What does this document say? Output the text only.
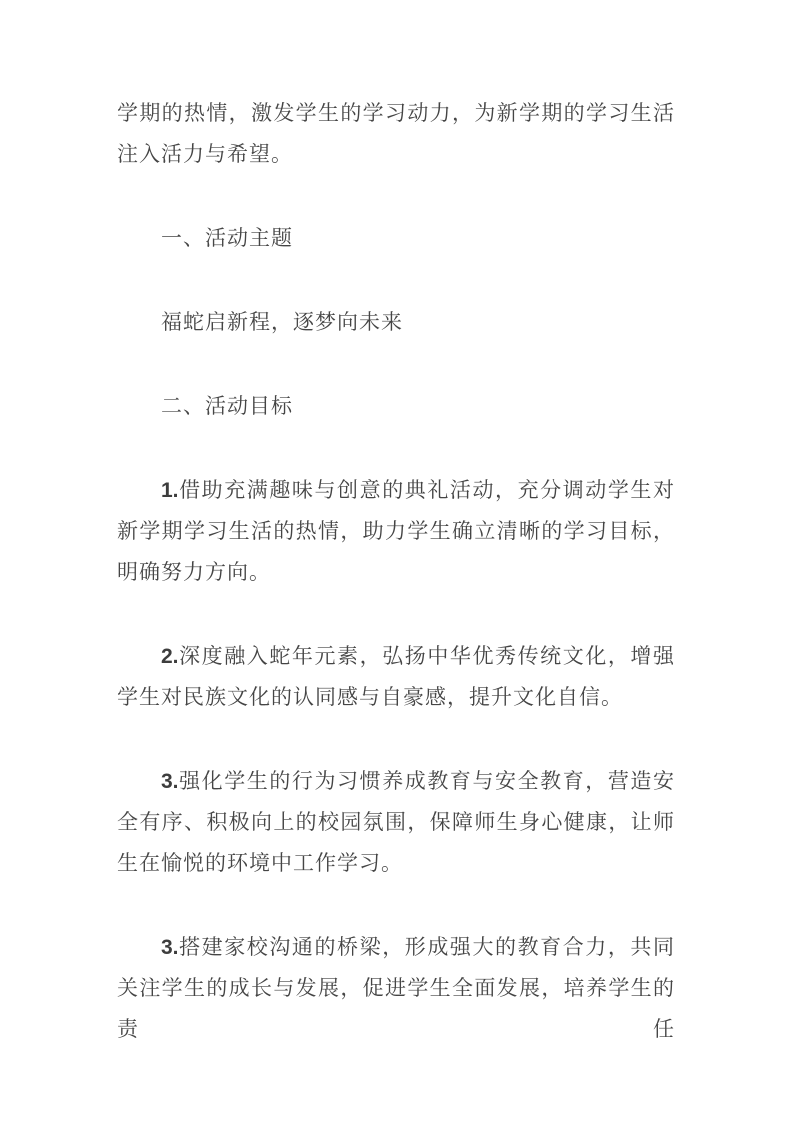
学期的热情，激发学生的学习动力，为新学期的学习生活注入活力与希望。

一、活动主题

福蛇启新程，逐梦向未来

二、活动目标

1.借助充满趣味与创意的典礼活动，充分调动学生对新学期学习生活的热情，助力学生确立清晰的学习目标，明确努力方向。

2.深度融入蛇年元素，弘扬中华优秀传统文化，增强学生对民族文化的认同感与自豪感，提升文化自信。

3.强化学生的行为习惯养成教育与安全教育，营造安全有序、积极向上的校园氛围，保障师生身心健康，让师生在愉悦的环境中工作学习。

3.搭建家校沟通的桥梁，形成强大的教育合力，共同关注学生的成长与发展，促进学生全面发展，培养学生的责任
